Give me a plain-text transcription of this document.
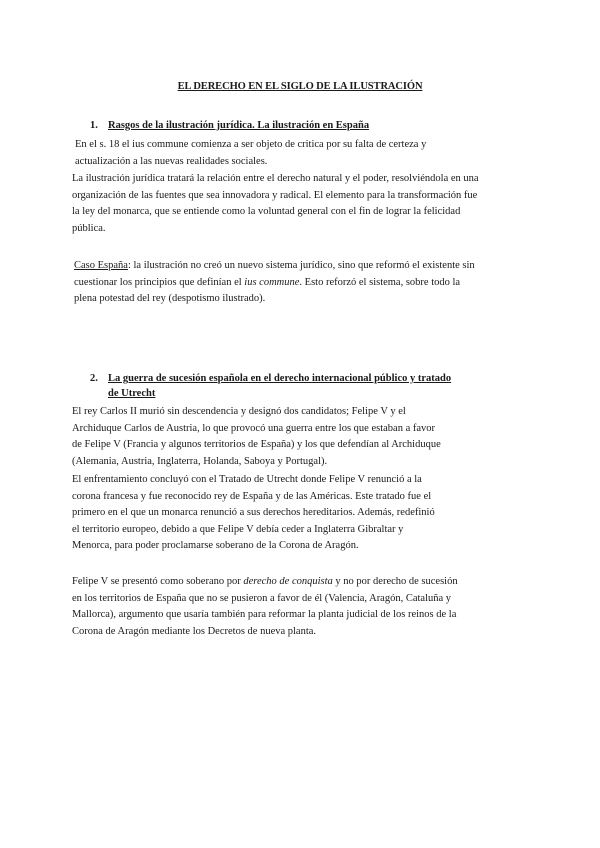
EL DERECHO EN EL SIGLO DE LA ILUSTRACIÓN
1. Rasgos de la ilustración jurídica. La ilustración en España

En el s. 18 el ius commune comienza a ser objeto de critica por su falta de certeza y
actualización a las nuevas realidades sociales.

La ilustración jurídica tratará la relación entre el derecho natural y el poder, resolviéndola en una
organización de las fuentes que sea innovadora y radical. El elemento para la transformación fue
la ley del monarca, que se entiende como la voluntad general con el fin de lograr la felicidad
pública.

Caso España: la ilustración no creó un nuevo sistema jurídico, sino que reformó el existente sin
cuestionar los principios que definían el ius commune. Esto reforzó el sistema, sobre todo la
plena potestad del rey (despotismo ilustrado).

2. La guerra de sucesión española en el derecho internacional público y tratado
de Utrecht

El rey Carlos II murió sin descendencia y designó dos candidatos; Felipe V y el
Archiduque Carlos de Austria, lo que provocó una guerra entre los que estaban a favor
de Felipe V (Francia y algunos territorios de España) y los que defendían al Archiduque
(Alemania, Austria, Inglaterra, Holanda, Saboya y Portugal).

El enfrentamiento concluyó con el Tratado de Utrecht donde Felipe V renunció a la
corona francesa y fue reconocido rey de España y de las Américas. Este tratado fue el
primero en el que un monarca renunció a sus derechos hereditarios. Además, redefinió
el territorio europeo, debido a que Felipe V debía ceder a Inglaterra Gibraltar y
Menorca, para poder proclamarse soberano de la Corona de Aragón.

Felipe V se presentó como soberano por derecho de conquista y no por derecho de sucesión
en los territorios de España que no se pusieron a favor de él (Valencia, Aragón, Cataluña y
Mallorca), argumento que usaría también para reformar la planta judicial de los reinos de la
Corona de Aragón mediante los Decretos de nueva planta.
